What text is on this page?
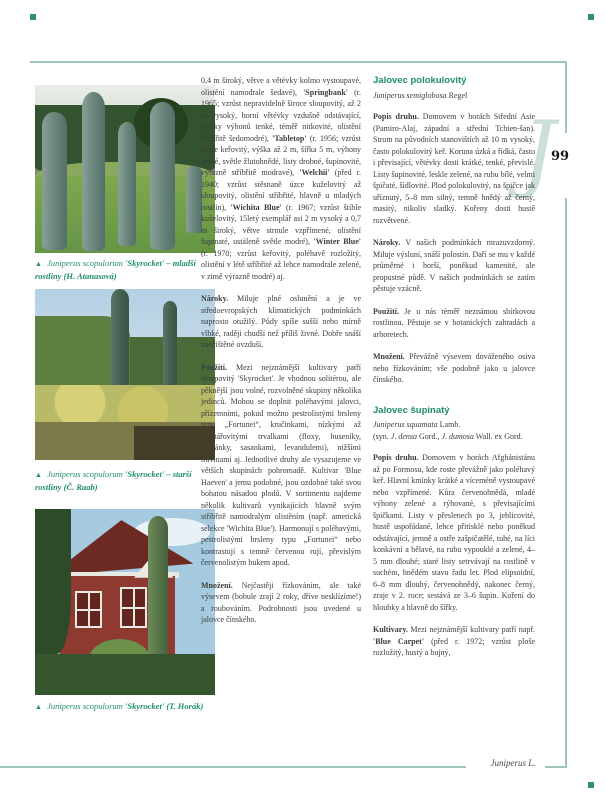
J
99
▲ Juniperus scopulorum 'Skyrocket' – mladší rostliny (H. Atanasová)
▲ Juniperus scopulorum 'Skyrocket' – starší rostliny (Č. Raab)
▲ Juniperus scopulorum 'Skyrocket' (T. Horák)
0,4 m široký, větve a větévky kolmo vystoupavé, olistění namodrale šedavé), 'Springbank' (r. 1965; vzrůst nepravidelně široce sloupovitý, až 2 m vysoký, horní větévky vzdušně odstávající, špičky výhonů tenké, téměř nitkovité, olistění stříbřitě šedomodré), 'Tabletop' (r. 1956; vzrůst ploše keřovitý, výška až 2 m, šířka 5 m, výhony tenké, světle žlutohnědé, listy drobné, šupinovité, výrazně stříbřitě modravé), 'Welchii' (před r. 1940; vzrůst stěsnaně úzce kuželovitý až sloupovitý, olistění stříbřité, hlavně u mladých rostlin), 'Wichita Blue' (r. 1967; vzrůst štíhle kuželovitý, 15letý exemplář asi 2 m vysoký a 0,7 m široký, větve strnule vzpřímené, olistění šupinaté, ustáleně světle modré), 'Winter Blue' (r. 1970; vzrůst keřovitý, poléhavě rozložitý, olistění v létě stříbřité až lehce namodrale zelené, v zimě výrazně modré) aj.
Nároky. Miluje plné oslunění a je ve středoevropských klimatických podmínkách naprosto otužilý. Půdy spíše sušší nebo mírně vlhké, raději chudší než příliš živné. Dobře snáší znečištěné ovzduší.
Použití. Mezi nejznámější kultivary patří sloupovitý 'Skyrocket'. Je vhodnou solitérou, ale pěknější jsou volné, rozvolněné skupiny několika jedinců. Mohou se doplnit poléhavými jalovci, přízemními, pokud možno pestrolistými brsleny typu „Fortunei“, kručinkami, nízkými až polštářovitými trvalkami (floxy, huseníky, kociánky, sasankami, levandulemi), nižšími travinami aj. Jednotlivé druhy ale vysazujeme ve větších skupinách pohromadě. Kultivar 'Blue Haeven' a jemu podobné, jsou ozdobné také svou bohatou násadou plodů. V sortimentu najdeme několik kultivarů vynikajících hlavně svým stříbřitě namodralým olistěním (např. americká selekce 'Wichita Blue'). Harmonují s poléhavými, pestrolistými brsleny typu „Fortunei“ nebo kontrastují s temně červenou rují, převislým červenolistým bukem apod.
Množení. Nejčastěji řízkováním, ale také výsevem (bobule zrají 2 roky, dříve nesklízíme!) a roubováním. Podrobnosti jsou uvedené u jalovce čínského.
Jalovec polokulovitý
Juniperus semiglobosa Regel
Popis druhu. Domovem v horách Střední Asie (Pamiro-Alaj, západní a střední Tchien-šan). Strom na původních stanovištích až 10 m vysoký, často polokulovitý keř. Koruna úzká a řídká, často i převisající, větévky dosti krátké, tenké, převislé. Listy šupinovité, leskle zelené, na rubu bílé, velmi špičaté, šídlovité. Plod polokulovitý, na špičce jak uříznutý, 5–8 mm silný, temně hnědý až černý, masitý, nikoliv sladký. Kořeny dosti hustě rozvětvené.
Nároky. V našich podmínkách mrazuvzdorný. Miluje výsluní, snáší polostín. Daří se mu v každé průměrné i horší, poněkud kamenité, ale propustné půdě. V našich podmínkách se zatím pěstuje vzácně.
Použití. Je u nás téměř neznámou sbírkovou rostlinou. Pěstuje se v botanických zahradách a arboretech.
Množení. Převážně výsevem dováženého osiva nebo řízkováním; vše podobně jako u jalovce čínského.
Jalovec šupinatý
Juniperus squamata Lamb.
(syn. J. densa Gord., J. dumosa Wall. ex Gord.
Popis druhu. Domovem v horách Afghánistánu až po Formosu, kde roste převážně jako poléhavý keř. Hlavní kmínky krátké a víceméně vystoupavé nebo vzpřímené. Kůra červenohnědá, mladé výhony zelené a rýhované, s převisajícími špičkami. Listy v přeslenech po 3, jehlicovité, hustě uspořádané, lehce přitisklé nebo poněkud odstávající, jemně a ostře zašpičatělé, tuhé, na líci konkávní a bělavé, na rubu vypouklé a zelené, 4–5 mm dlouhé; staré listy setrvávají na rostlině v suchém, hnědém stavu řadu let. Plod elipsoidní, 6–8 mm dlouhý, červenohnědý, nakonec černý, zraje v 2. roce; sestává ze 3–6 šupin. Koření do hloubky a hlavně do šířky.
Kultivary. Mezi nejznámější kultivary patří např. 'Blue Carpet' (před r. 1972; vzrůst ploše rozložitý, hustý a bujný,
Juniperus L.
